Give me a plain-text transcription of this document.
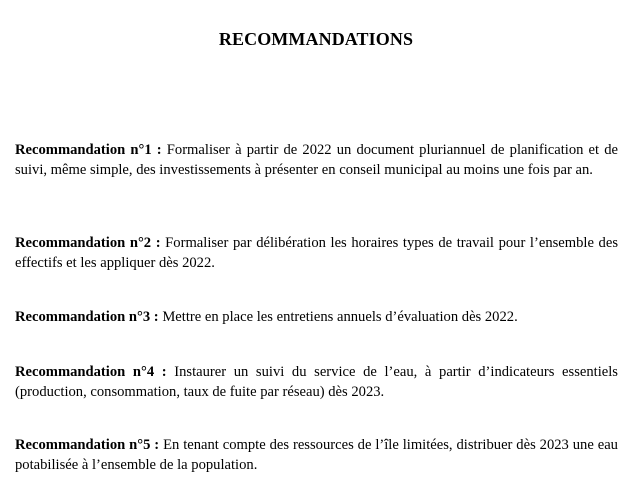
RECOMMANDATIONS

Recommandation n°1 : Formaliser à partir de 2022 un document pluriannuel de planification et de suivi, même simple, des investissements à présenter en conseil municipal au moins une fois par an.

Recommandation n°2 : Formaliser par délibération les horaires types de travail pour l’ensemble des effectifs et les appliquer dès 2022.

Recommandation n°3 : Mettre en place les entretiens annuels d’évaluation dès 2022.

Recommandation n°4 : Instaurer un suivi du service de l’eau, à partir d’indicateurs essentiels (production, consommation, taux de fuite par réseau) dès 2023.

Recommandation n°5 : En tenant compte des ressources de l’île limitées, distribuer dès 2023 une eau potabilisée à l’ensemble de la population.
